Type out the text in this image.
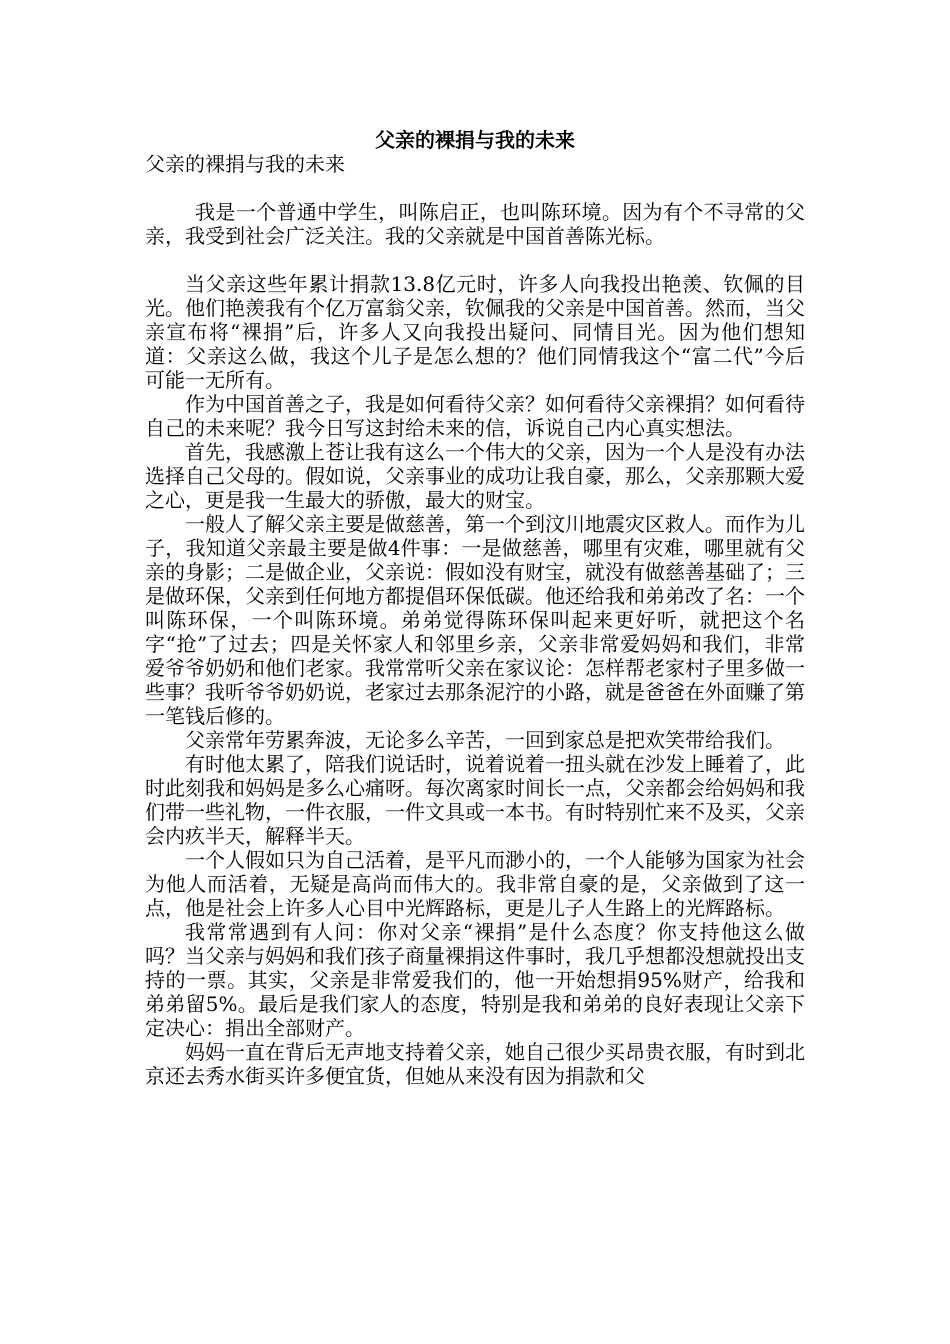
父亲的裸捐与我的未来
父亲的裸捐与我的未来

我是一个普通中学生，叫陈启正，也叫陈环境。因为有个不寻常的父亲，我受到社会广泛关注。我的父亲就是中国首善陈光标。

当父亲这些年累计捐款13.8亿元时，许多人向我投出艳羡、钦佩的目光。他们艳羡我有个亿万富翁父亲，钦佩我的父亲是中国首善。然而，当父亲宣布将“裸捐”后，许多人又向我投出疑问、同情目光。因为他们想知道：父亲这么做，我这个儿子是怎么想的？他们同情我这个“富二代”今后可能一无所有。

作为中国首善之子，我是如何看待父亲？如何看待父亲裸捐？如何看待自己的未来呢？我今日写这封给未来的信，诉说自己内心真实想法。

首先，我感激上苍让我有这么一个伟大的父亲，因为一个人是没有办法选择自己父母的。假如说，父亲事业的成功让我自豪，那么，父亲那颗大爱之心，更是我一生最大的骄傲，最大的财宝。

一般人了解父亲主要是做慈善，第一个到汶川地震灾区救人。而作为儿子，我知道父亲最主要是做4件事：一是做慈善，哪里有灾难，哪里就有父亲的身影；二是做企业，父亲说：假如没有财宝，就没有做慈善基础了；三是做环保，父亲到任何地方都提倡环保低碳。他还给我和弟弟改了名：一个叫陈环保，一个叫陈环境。弟弟觉得陈环保叫起来更好听，就把这个名字“抢”了过去；四是关怀家人和邻里乡亲，父亲非常爱妈妈和我们，非常爱爷爷奶奶和他们老家。我常常听父亲在家议论：怎样帮老家村子里多做一些事？我听爷爷奶奶说，老家过去那条泥泞的小路，就是爸爸在外面赚了第一笔钱后修的。

父亲常年劳累奔波，无论多么辛苦，一回到家总是把欢笑带给我们。

有时他太累了，陪我们说话时，说着说着一扭头就在沙发上睡着了，此时此刻我和妈妈是多么心痛呀。每次离家时间长一点，父亲都会给妈妈和我们带一些礼物，一件衣服，一件文具或一本书。有时特别忙来不及买，父亲会内疚半天，解释半天。

一个人假如只为自己活着，是平凡而渺小的，一个人能够为国家为社会为他人而活着，无疑是高尚而伟大的。我非常自豪的是，父亲做到了这一点，他是社会上许多人心目中光辉路标，更是儿子人生路上的光辉路标。

我常常遇到有人问：你对父亲“裸捐”是什么态度？你支持他这么做吗？当父亲与妈妈和我们孩子商量裸捐这件事时，我几乎想都没想就投出支持的一票。其实，父亲是非常爱我们的，他一开始想捐95%财产，给我和弟弟留5%。最后是我们家人的态度，特别是我和弟弟的良好表现让父亲下定决心：捐出全部财产。

妈妈一直在背后无声地支持着父亲，她自己很少买昂贵衣服，有时到北京还去秀水街买许多便宜货，但她从来没有因为捐款和父
